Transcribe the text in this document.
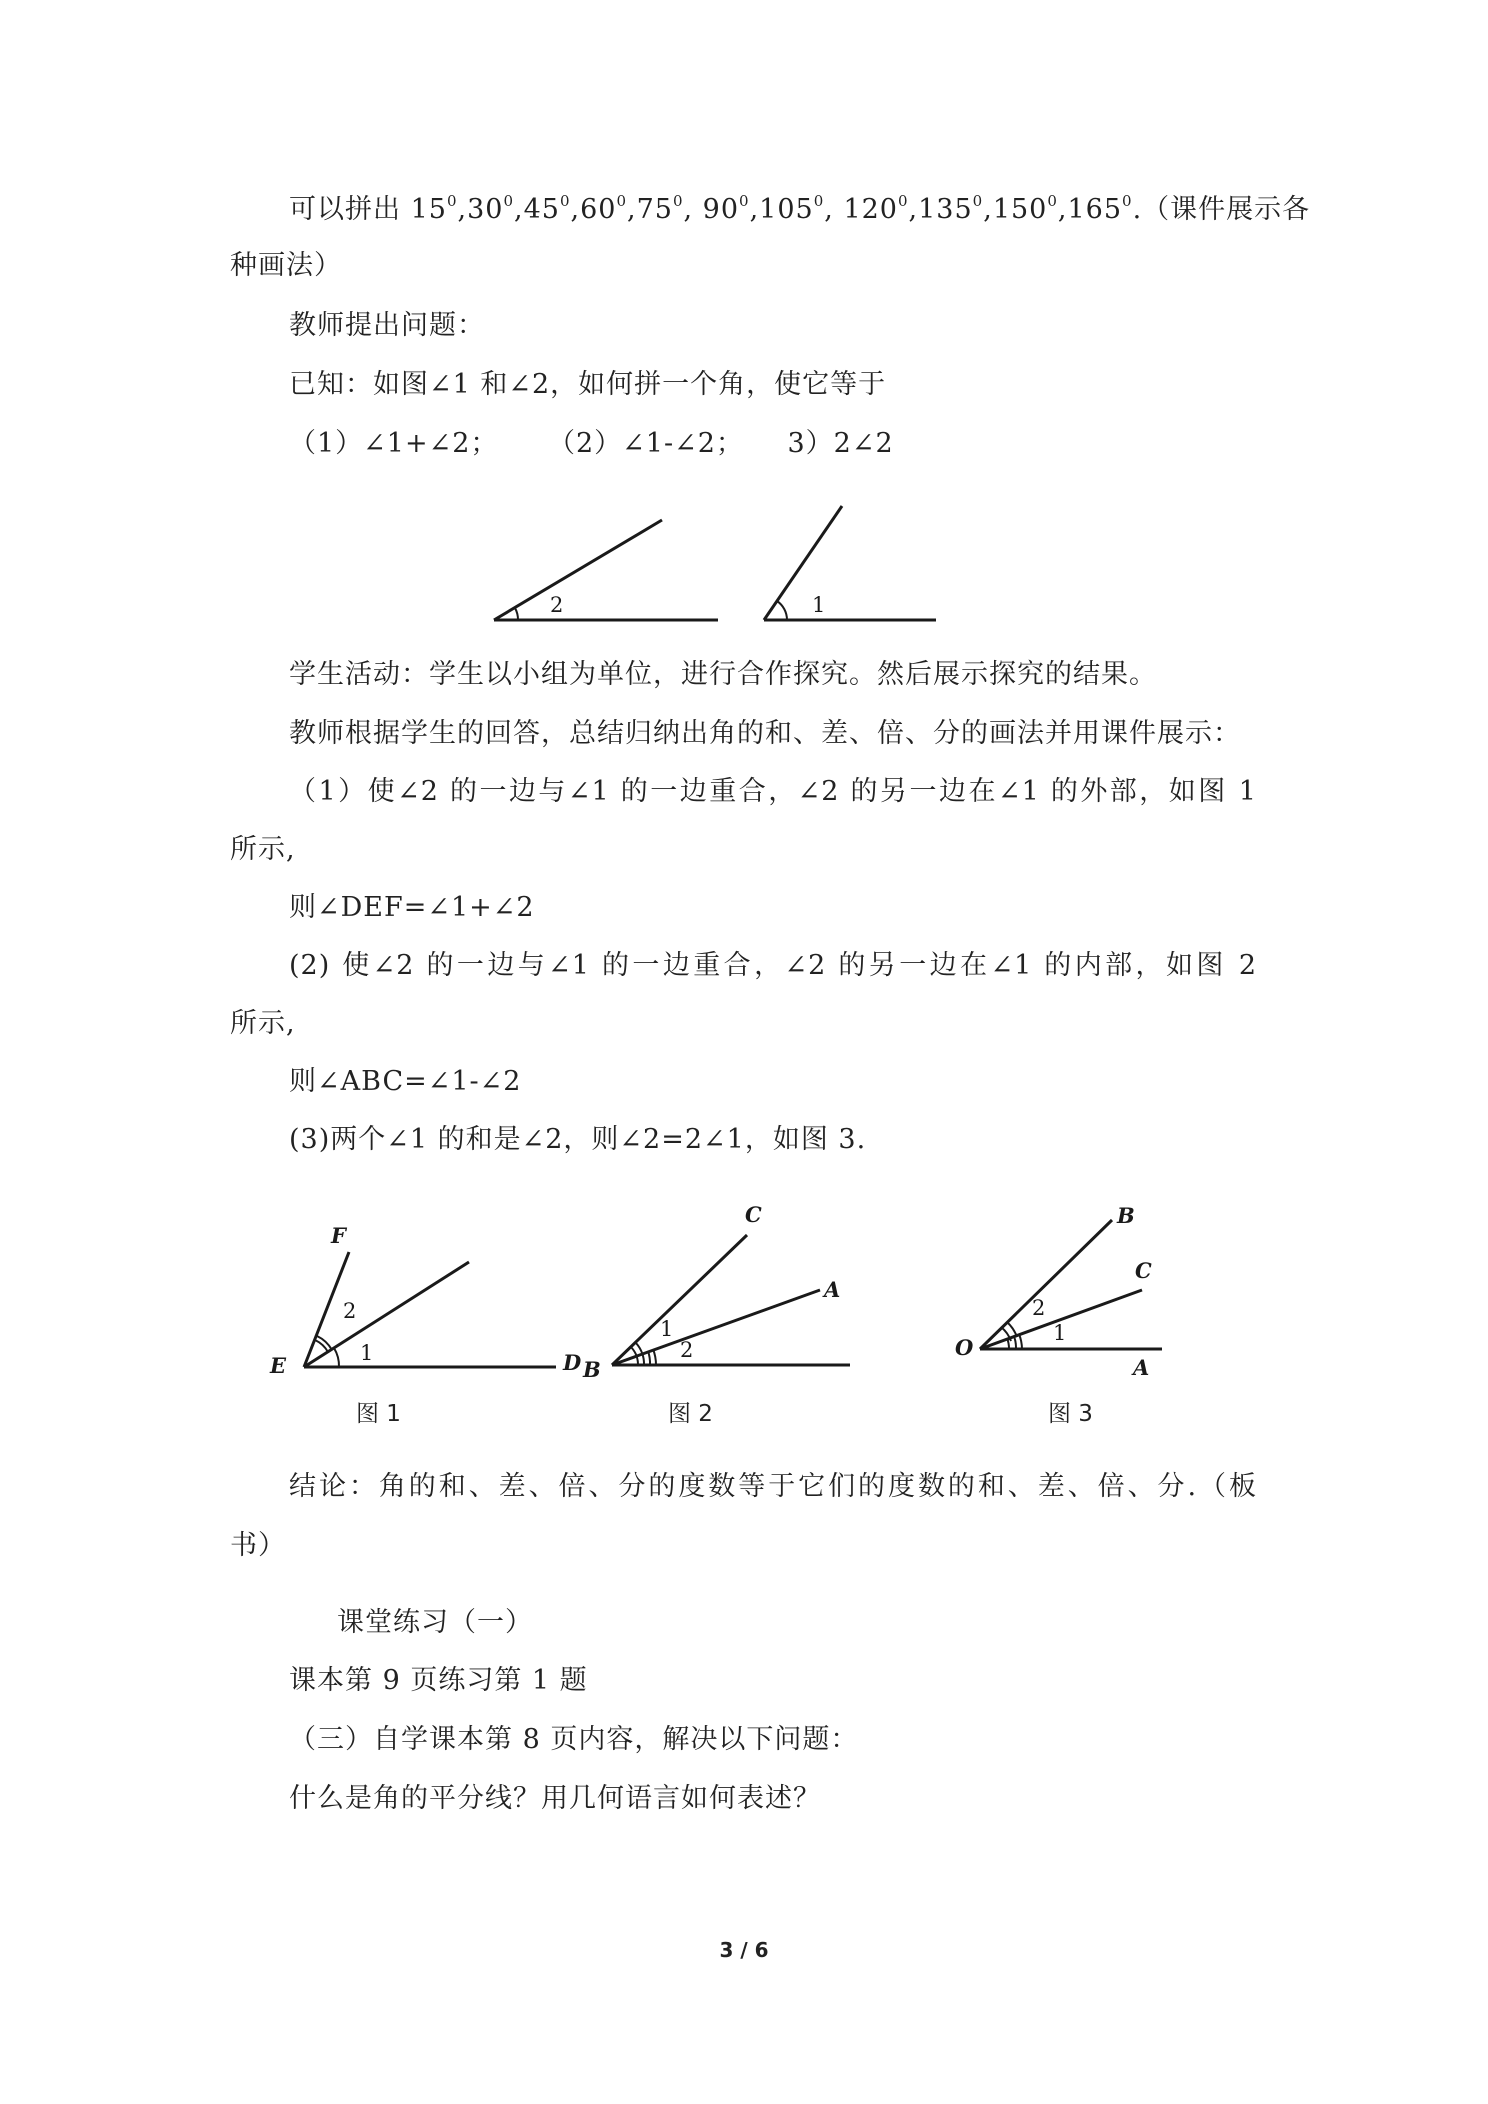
可以拼出 $15^0,30^0,45^0,60^0,75^0$, $90^0,105^0$, $120^0,135^0,150^0,165^0$.（课件展示各
种画法）
教师提出问题：
已知：如图∠1 和∠2，如何拼一个角，使它等于
（1）∠1+∠2； （2）∠1-∠2； 3）2∠2
2	1
学生活动：学生以小组为单位，进行合作探究。然后展示探究的结果。
教师根据学生的回答，总结归纳出角的和、差、倍、分的画法并用课件展示：
（1）使∠2 的一边与∠1 的一边重合，∠2 的另一边在∠1 的外部，如图 1
所示,
则∠DEF=∠1+∠2
(2) 使∠2 的一边与∠1 的一边重合，∠2 的另一边在∠1 的内部，如图 2
所示,
则∠ABC=∠1-∠2
(3)两个∠1 的和是∠2，则∠2=2∠1，如图 3.
F
E
2
1
C
A
D B
1
2
B
C
O
A
2
1
图 1	图 2	图 3
结论：角的和、差、倍、分的度数等于它们的度数的和、差、倍、分.（板
书）
课堂练习（一）
课本第 9 页练习第 1 题
（三）自学课本第 8 页内容，解决以下问题：
什么是角的平分线？用几何语言如何表述？
3 / 6
